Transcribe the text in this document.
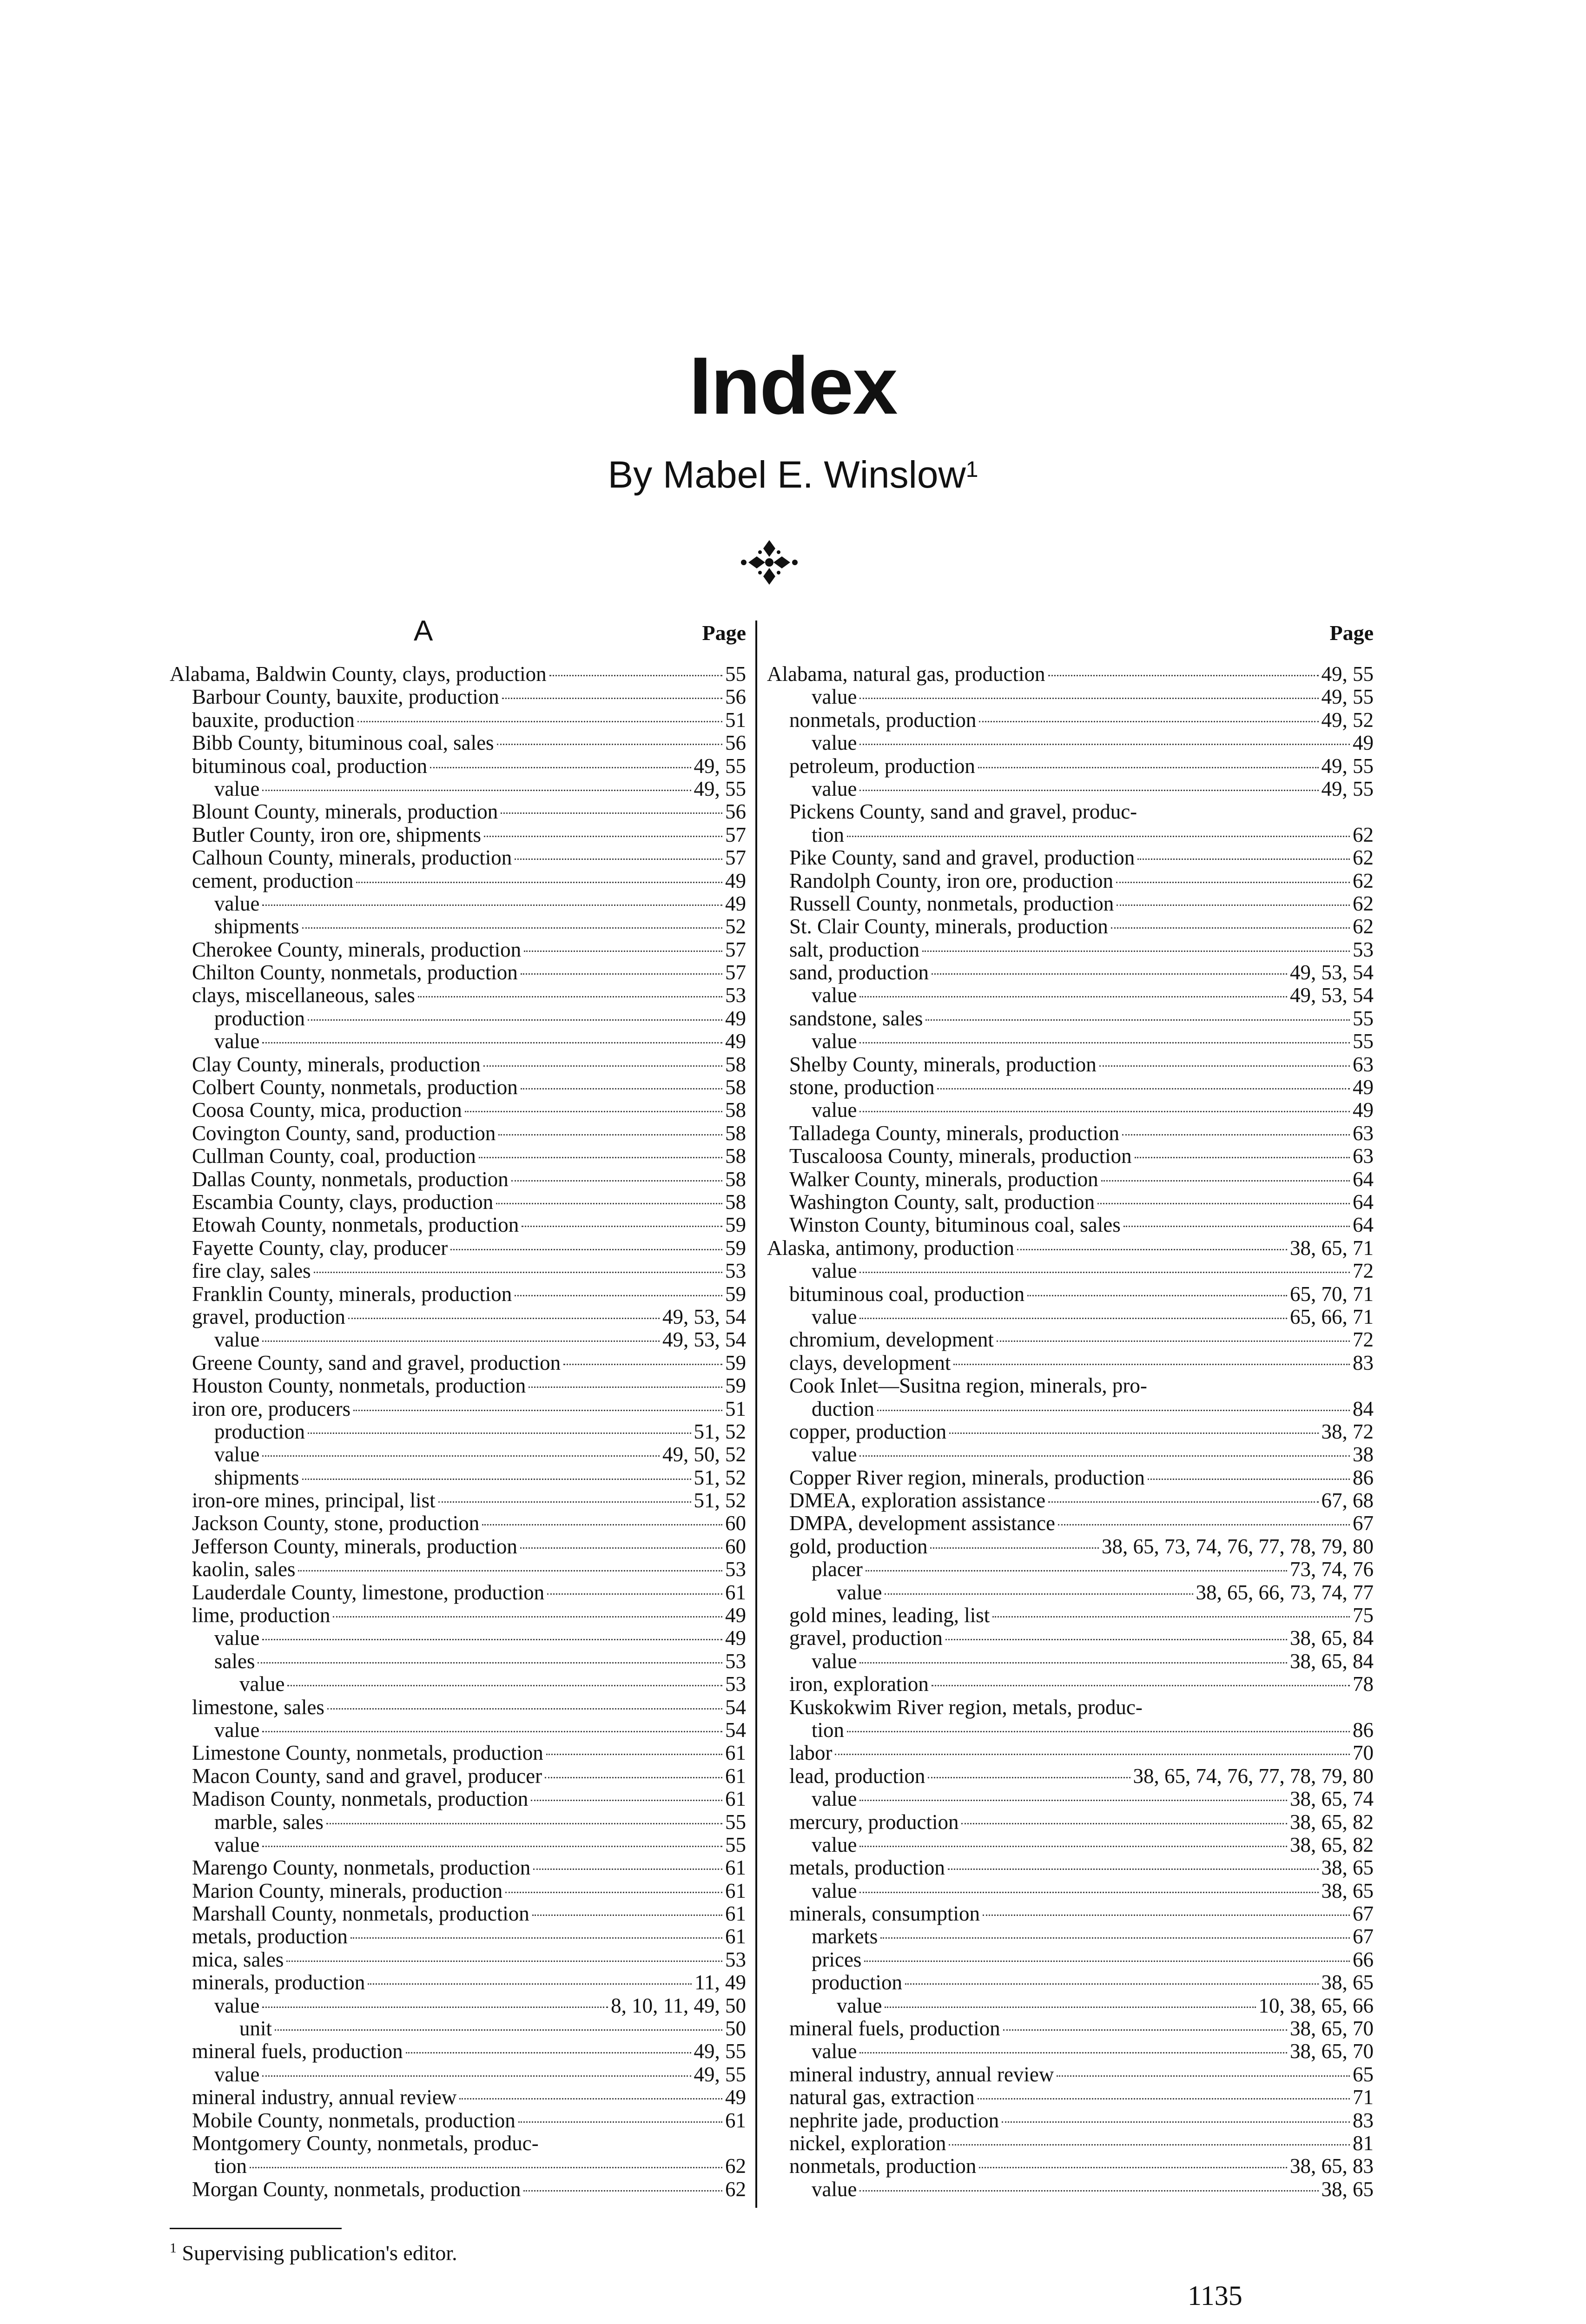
Index
By Mabel E. Winslow$^1$
A	Page
Alabama, Baldwin County, clays, production	55
Barbour County, bauxite, production	56
bauxite, production	51
Bibb County, bituminous coal, sales	56
bituminous coal, production	49, 55
value	49, 55
Blount County, minerals, production	56
Butler County, iron ore, shipments	57
Calhoun County, minerals, production	57
cement, production	49
value	49
shipments	52
Cherokee County, minerals, production	57
Chilton County, nonmetals, production	57
clays, miscellaneous, sales	53
production	49
value	49
Clay County, minerals, production	58
Colbert County, nonmetals, production	58
Coosa County, mica, production	58
Covington County, sand, production	58
Cullman County, coal, production	58
Dallas County, nonmetals, production	58
Escambia County, clays, production	58
Etowah County, nonmetals, production	59
Fayette County, clay, producer	59
fire clay, sales	53
Franklin County, minerals, production	59
gravel, production	49, 53, 54
value	49, 53, 54
Greene County, sand and gravel, production	59
Houston County, nonmetals, production	59
iron ore, producers	51
production	51, 52
value	49, 50, 52
shipments	51, 52
iron-ore mines, principal, list	51, 52
Jackson County, stone, production	60
Jefferson County, minerals, production	60
kaolin, sales	53
Lauderdale County, limestone, production	61
lime, production	49
value	49
sales	53
value	53
limestone, sales	54
value	54
Limestone County, nonmetals, production	61
Macon County, sand and gravel, producer	61
Madison County, nonmetals, production	61
marble, sales	55
value	55
Marengo County, nonmetals, production	61
Marion County, minerals, production	61
Marshall County, nonmetals, production	61
metals, production	61
mica, sales	53
minerals, production	11, 49
value	8, 10, 11, 49, 50
unit	50
mineral fuels, production	49, 55
value	49, 55
mineral industry, annual review	49
Mobile County, nonmetals, production	61
Montgomery County, nonmetals, produc-
tion	62
Morgan County, nonmetals, production	62
Page
Alabama, natural gas, production	49, 55
value	49, 55
nonmetals, production	49, 52
value	49
petroleum, production	49, 55
value	49, 55
Pickens County, sand and gravel, produc-
tion	62
Pike County, sand and gravel, production	62
Randolph County, iron ore, production	62
Russell County, nonmetals, production	62
St. Clair County, minerals, production	62
salt, production	53
sand, production	49, 53, 54
value	49, 53, 54
sandstone, sales	55
value	55
Shelby County, minerals, production	63
stone, production	49
value	49
Talladega County, minerals, production	63
Tuscaloosa County, minerals, production	63
Walker County, minerals, production	64
Washington County, salt, production	64
Winston County, bituminous coal, sales	64
Alaska, antimony, production	38, 65, 71
value	72
bituminous coal, production	65, 70, 71
value	65, 66, 71
chromium, development	72
clays, development	83
Cook Inlet—Susitna region, minerals, pro-
duction	84
copper, production	38, 72
value	38
Copper River region, minerals, production	86
DMEA, exploration assistance	67, 68
DMPA, development assistance	67
gold, production	38, 65, 73, 74, 76, 77, 78, 79, 80
placer	73, 74, 76
value	38, 65, 66, 73, 74, 77
gold mines, leading, list	75
gravel, production	38, 65, 84
value	38, 65, 84
iron, exploration	78
Kuskokwim River region, metals, produc-
tion	86
labor	70
lead, production	38, 65, 74, 76, 77, 78, 79, 80
value	38, 65, 74
mercury, production	38, 65, 82
value	38, 65, 82
metals, production	38, 65
value	38, 65
minerals, consumption	67
markets	67
prices	66
production	38, 65
value	10, 38, 65, 66
mineral fuels, production	38, 65, 70
value	38, 65, 70
mineral industry, annual review	65
natural gas, extraction	71
nephrite jade, production	83
nickel, exploration	81
nonmetals, production	38, 65, 83
value	38, 65
$^1$ Supervising publication's editor.
1135
